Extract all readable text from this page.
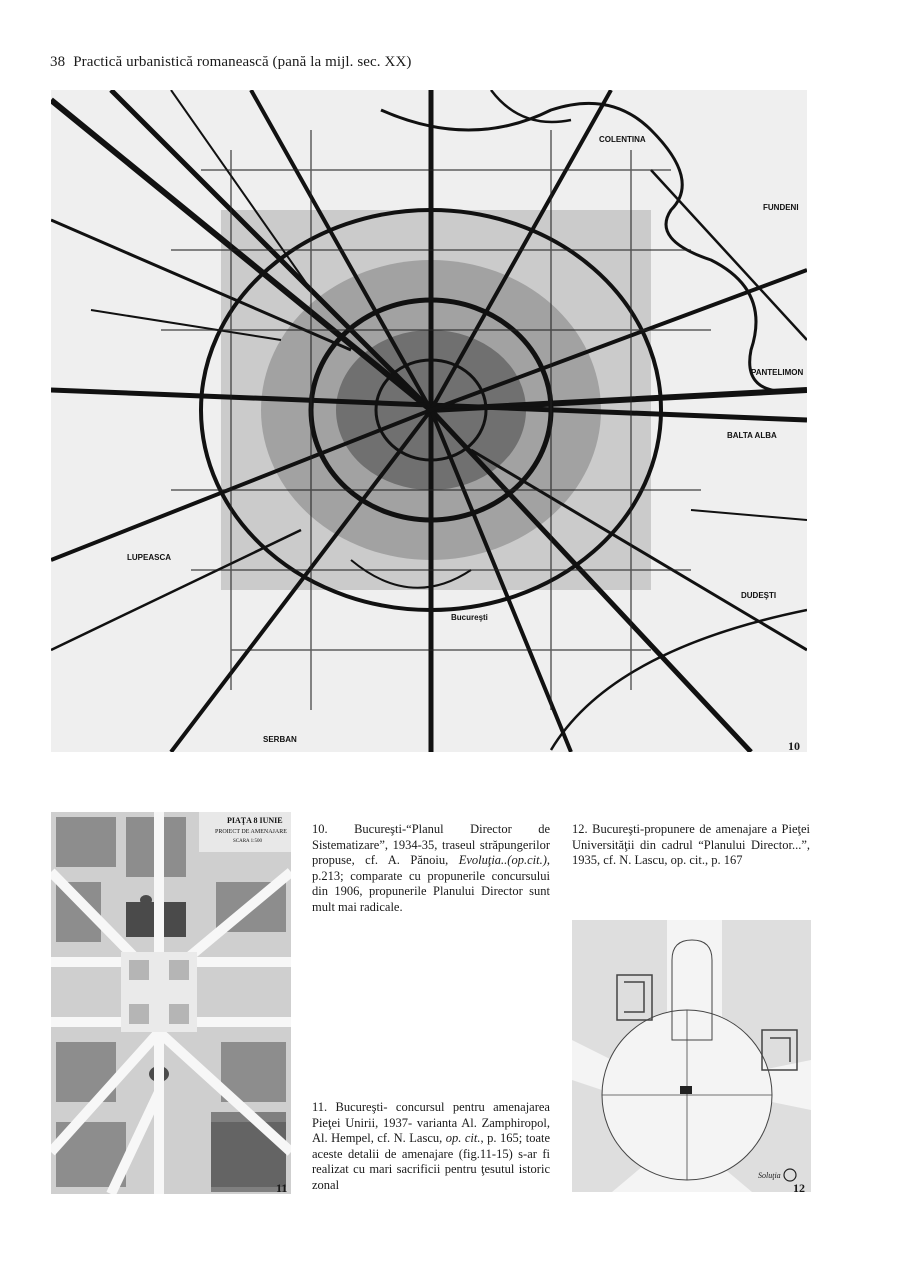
38 Practică urbanistică romanească (pană la mijl. sec. XX)
COLENTINA
FUNDENI
PANTELIMON
BALTA ALBA
DUDEŞTI
LUPEASCA
SERBAN
Bucureşti
10
PIAŢA 8 IUNIE
PROIECT DE AMENAJARE
SCARA 1:500
11
Soluţia
12
10. Bucureşti-“Planul Director de Sistematizare”, 1934-35, traseul străpungerilor propuse, cf. A. Pănoiu, Evoluţia..(op.cit.), p.213; comparate cu propunerile concursului din 1906, propunerile Planului Director sunt mult mai radicale.
12. Bucureşti-propunere de amenajare a Pieţei Universităţii din cadrul “Planului Director...”, 1935, cf. N. Lascu, op. cit., p. 167
11. Bucureşti- concursul pentru amenajarea Pieţei Unirii, 1937- varianta Al. Zamphiropol, Al. Hempel, cf. N. Lascu, op. cit., p. 165; toate aceste detalii de amenajare (fig.11-15) s-ar fi realizat cu mari sacrificii pentru ţesutul istoric zonal
